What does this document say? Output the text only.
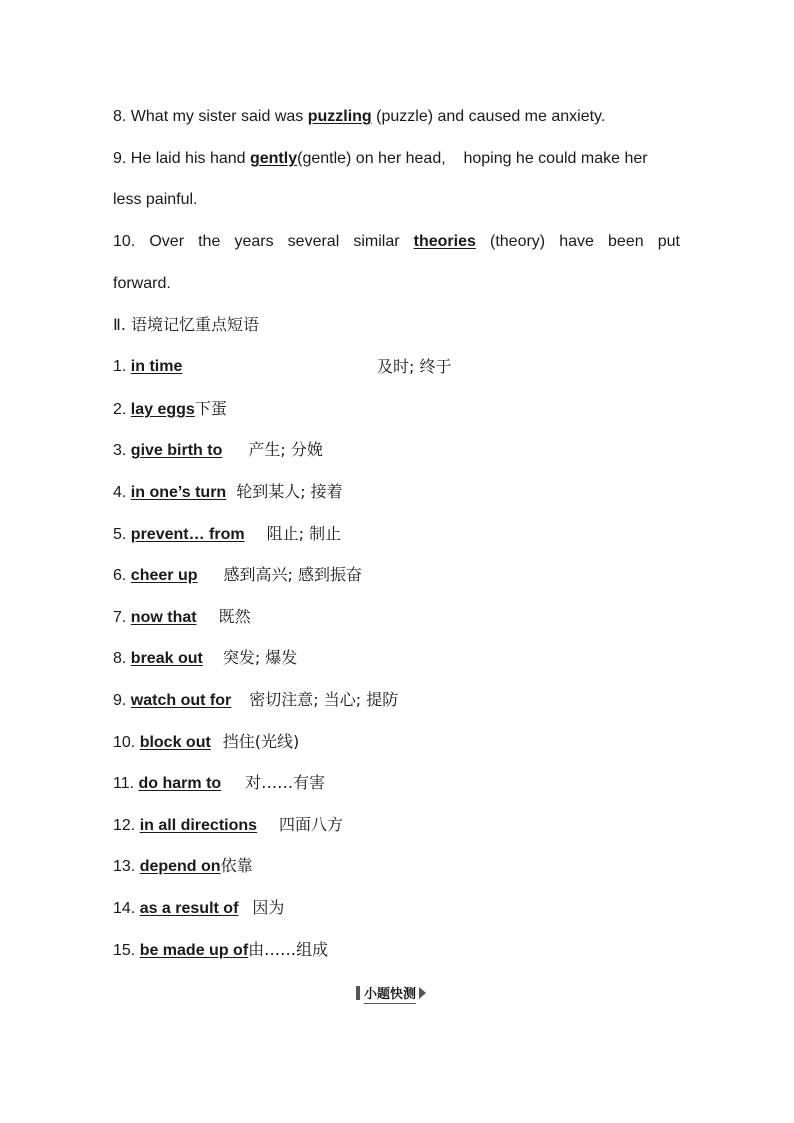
8. What my sister said was puzzling (puzzle) and caused me anxiety.
9. He laid his hand gently(gentle) on her head,    hoping he could make her
less painful.
10. Over the years several similar theories (theory) have been put
forward.
Ⅱ. 语境记忆重点短语
1. in time	及时; 终于
2. lay eggs下蛋
3. give birth to 产生; 分娩
4. in one’s turn 轮到某人; 接着
5. prevent… from 阻止; 制止
6. cheer up 感到高兴; 感到振奋
7. now that 既然
8. break out 突发; 爆发
9. watch out for 密切注意; 当心; 提防
10. block out 挡住(光线)
11. do harm to 对……有害
12. in all directions 四面八方
13. depend on依靠
14. as a result of 因为
15. be made up of由……组成
小题快测
